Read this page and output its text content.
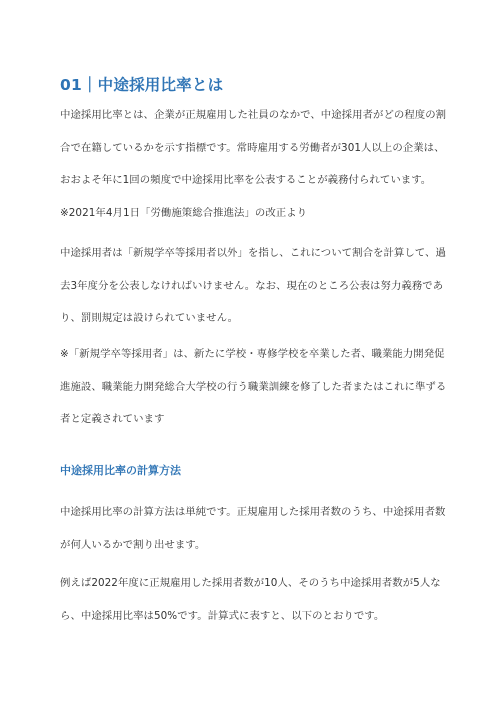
01｜中途採用比率とは
中途採用比率とは、企業が正規雇用した社員のなかで、中途採用者がどの程度の割
合で在籍しているかを示す指標です。常時雇用する労働者が301人以上の企業は、
おおよそ年に1回の頻度で中途採用比率を公表することが義務付られています。
※2021年4月1日「労働施策総合推進法」の改正より
中途採用者は「新規学卒等採用者以外」を指し、これについて割合を計算して、過
去3年度分を公表しなければいけません。なお、現在のところ公表は努力義務であ
り、罰則規定は設けられていません。
※「新規学卒等採用者」は、新たに学校・専修学校を卒業した者、職業能力開発促
進施設、職業能力開発総合大学校の行う職業訓練を修了した者またはこれに準ずる
者と定義されています
中途採用比率の計算方法
中途採用比率の計算方法は単純です。正規雇用した採用者数のうち、中途採用者数
が何人いるかで割り出せます。
例えば2022年度に正規雇用した採用者数が10人、そのうち中途採用者数が5人な
ら、中途採用比率は50%です。計算式に表すと、以下のとおりです。
